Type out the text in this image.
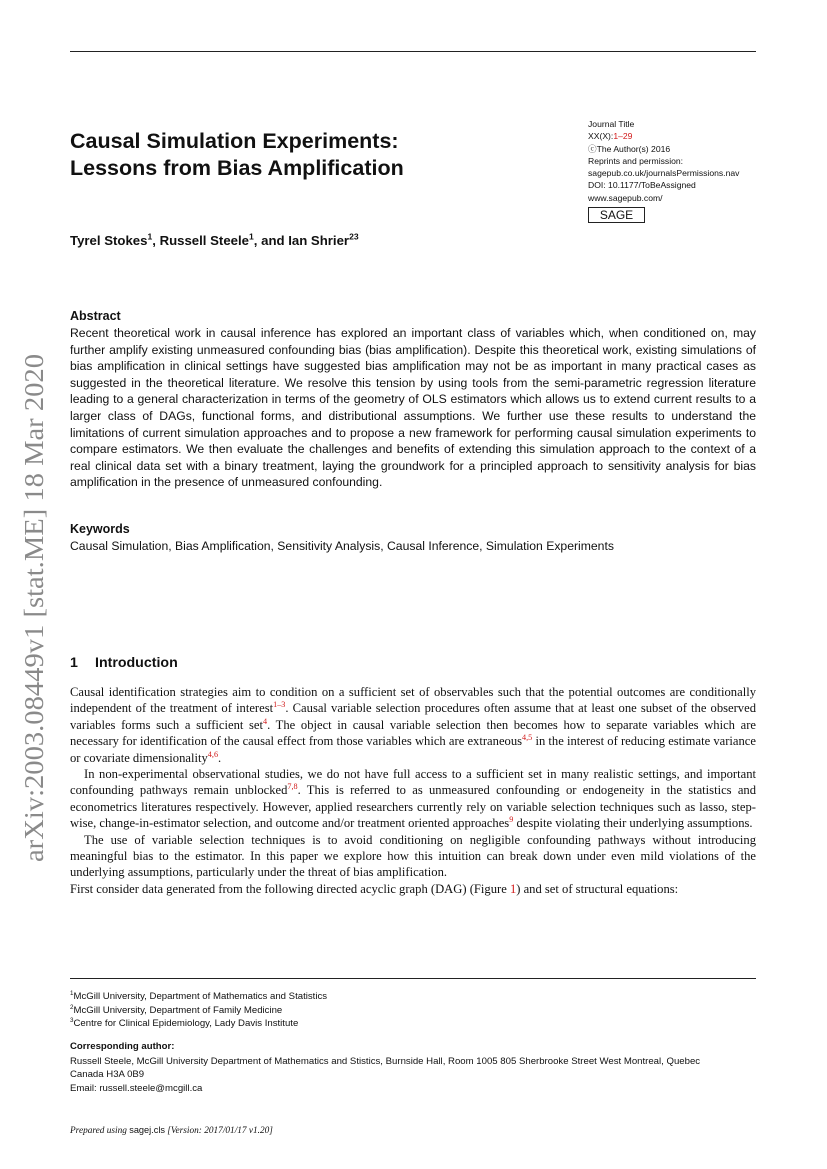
Causal Simulation Experiments:
Lessons from Bias Amplification
Journal Title
XX(X):1–29
ⓒThe Author(s) 2016
Reprints and permission:
sagepub.co.uk/journalsPermissions.nav
DOI: 10.1177/ToBeAssigned
www.sagepub.com/
SAGE
Tyrel Stokes$^1$, Russell Steele$^1$, and Ian Shrier$^{23}$
Abstract

Recent theoretical work in causal inference has explored an important class of variables which, when conditioned on, may further amplify existing unmeasured confounding bias (bias amplification). Despite this theoretical work, existing simulations of bias amplification in clinical settings have suggested bias amplification may not be as important in many practical cases as suggested in the theoretical literature. We resolve this tension by using tools from the semi-parametric regression literature leading to a general characterization in terms of the geometry of OLS estimators which allows us to extend current results to a larger class of DAGs, functional forms, and distributional assumptions. We further use these results to understand the limitations of current simulation approaches and to propose a new framework for performing causal simulation experiments to compare estimators. We then evaluate the challenges and benefits of extending this simulation approach to the context of a real clinical data set with a binary treatment, laying the groundwork for a principled approach to sensitivity analysis for bias amplification in the presence of unmeasured confounding.

Keywords
Causal Simulation, Bias Amplification, Sensitivity Analysis, Causal Inference, Simulation Experiments
1 Introduction

Causal identification strategies aim to condition on a sufficient set of observables such that the potential outcomes are conditionally independent of the treatment of interest$^{1-3}$. Causal variable selection procedures often assume that at least one subset of the observed variables forms such a sufficient set$^4$. The object in causal variable selection then becomes how to separate variables which are necessary for identification of the causal effect from those variables which are extraneous$^{4,5}$ in the interest of reducing estimate variance or covariate dimensionality$^{4,6}$.

In non-experimental observational studies, we do not have full access to a sufficient set in many realistic settings, and important confounding pathways remain unblocked$^{7,8}$. This is referred to as unmeasured confounding or endogeneity in the statistics and econometrics literatures respectively. However, applied researchers currently rely on variable selection techniques such as lasso, step-wise, change-in-estimator selection, and outcome and/or treatment oriented approaches$^9$ despite violating their underlying assumptions.

The use of variable selection techniques is to avoid conditioning on negligible confounding pathways without introducing meaningful bias to the estimator. In this paper we explore how this intuition can break down under even mild violations of the underlying assumptions, particularly under the threat of bias amplification.

First consider data generated from the following directed acyclic graph (DAG) (Figure 1) and set of structural equations:

arXiv:2003.08449v1 [stat.ME] 18 Mar 2020
$^1$McGill University, Department of Mathematics and Statistics
$^2$McGill University, Department of Family Medicine
$^3$Centre for Clinical Epidemiology, Lady Davis Institute
Corresponding author:
Russell Steele, McGill University Department of Mathematics and Stistics, Burnside Hall, Room 1005 805 Sherbrooke Street West Montreal, Quebec
Canada H3A 0B9
Email: russell.steele@mcgill.ca
Prepared using sagej.cls [Version: 2017/01/17 v1.20]
